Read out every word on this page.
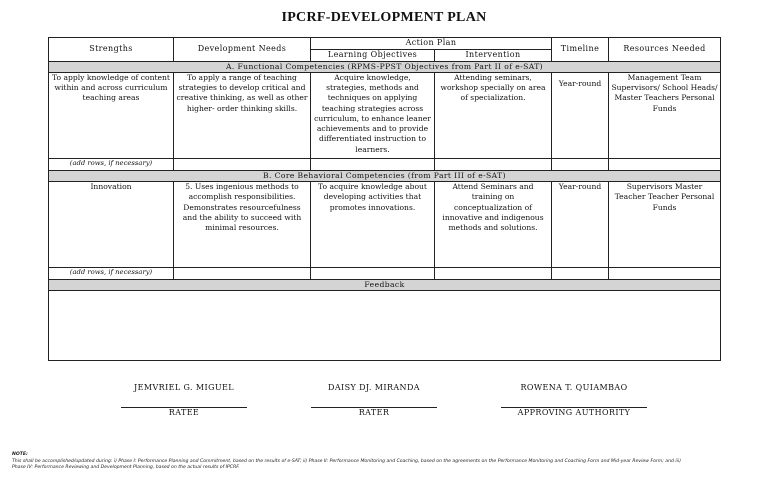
IPCRF-DEVELOPMENT PLAN
Strengths	Development Needs	Action Plan		Timeline	Resources Needed
		Learning Objectives	Intervention		
A. Functional Competencies (RPMS-PPST Objectives from Part II of e-SAT)					
To apply knowledge of content within and across curriculum teaching areas	To apply a range of teaching strategies to develop critical and creative thinking, as well as other higher- order thinking skills.	Acquire knowledge, strategies, methods and techniques on applying teaching strategies across curriculum, to enhance leaner achievements and to provide differentiated instruction to learners.	Attending seminars, workshop specially on area of specialization.	Year-round	Management Team Supervisors/ School Heads/ Master Teachers Personal Funds
(add rows, if necessary)					
B. Core Behavioral Competencies (from Part III of e-SAT)					
Innovation	5. Uses ingenious methods to accomplish responsibilities. Demonstrates resourcefulness and the ability to succeed with minimal resources.	To acquire knowledge about developing activities that promotes innovations.	Attend Seminars and training on conceptualization of innovative and indigenous methods and solutions.	Year-round	Supervisors Master Teacher Teacher Personal Funds
(add rows, if necessary)					
Feedback					

JEMVRIEL G. MIGUEL
RATEE
DAISY DJ. MIRANDA
RATER
ROWENA T. QUIAMBAO
APPROVING AUTHORITY
NOTE:
This shall be accomplished/updated during: i) Phase I: Performance Planning and Commitment, based on the results of e-SAT; ii) Phase II: Performance Monitoring and Coaching, based on the agreements on the Performance Monitoring and Coaching Form and Mid-year Review Form; and iii)
Phase IV: Performance Reviewing and Development Planning, based on the actual results of IPCRF.
